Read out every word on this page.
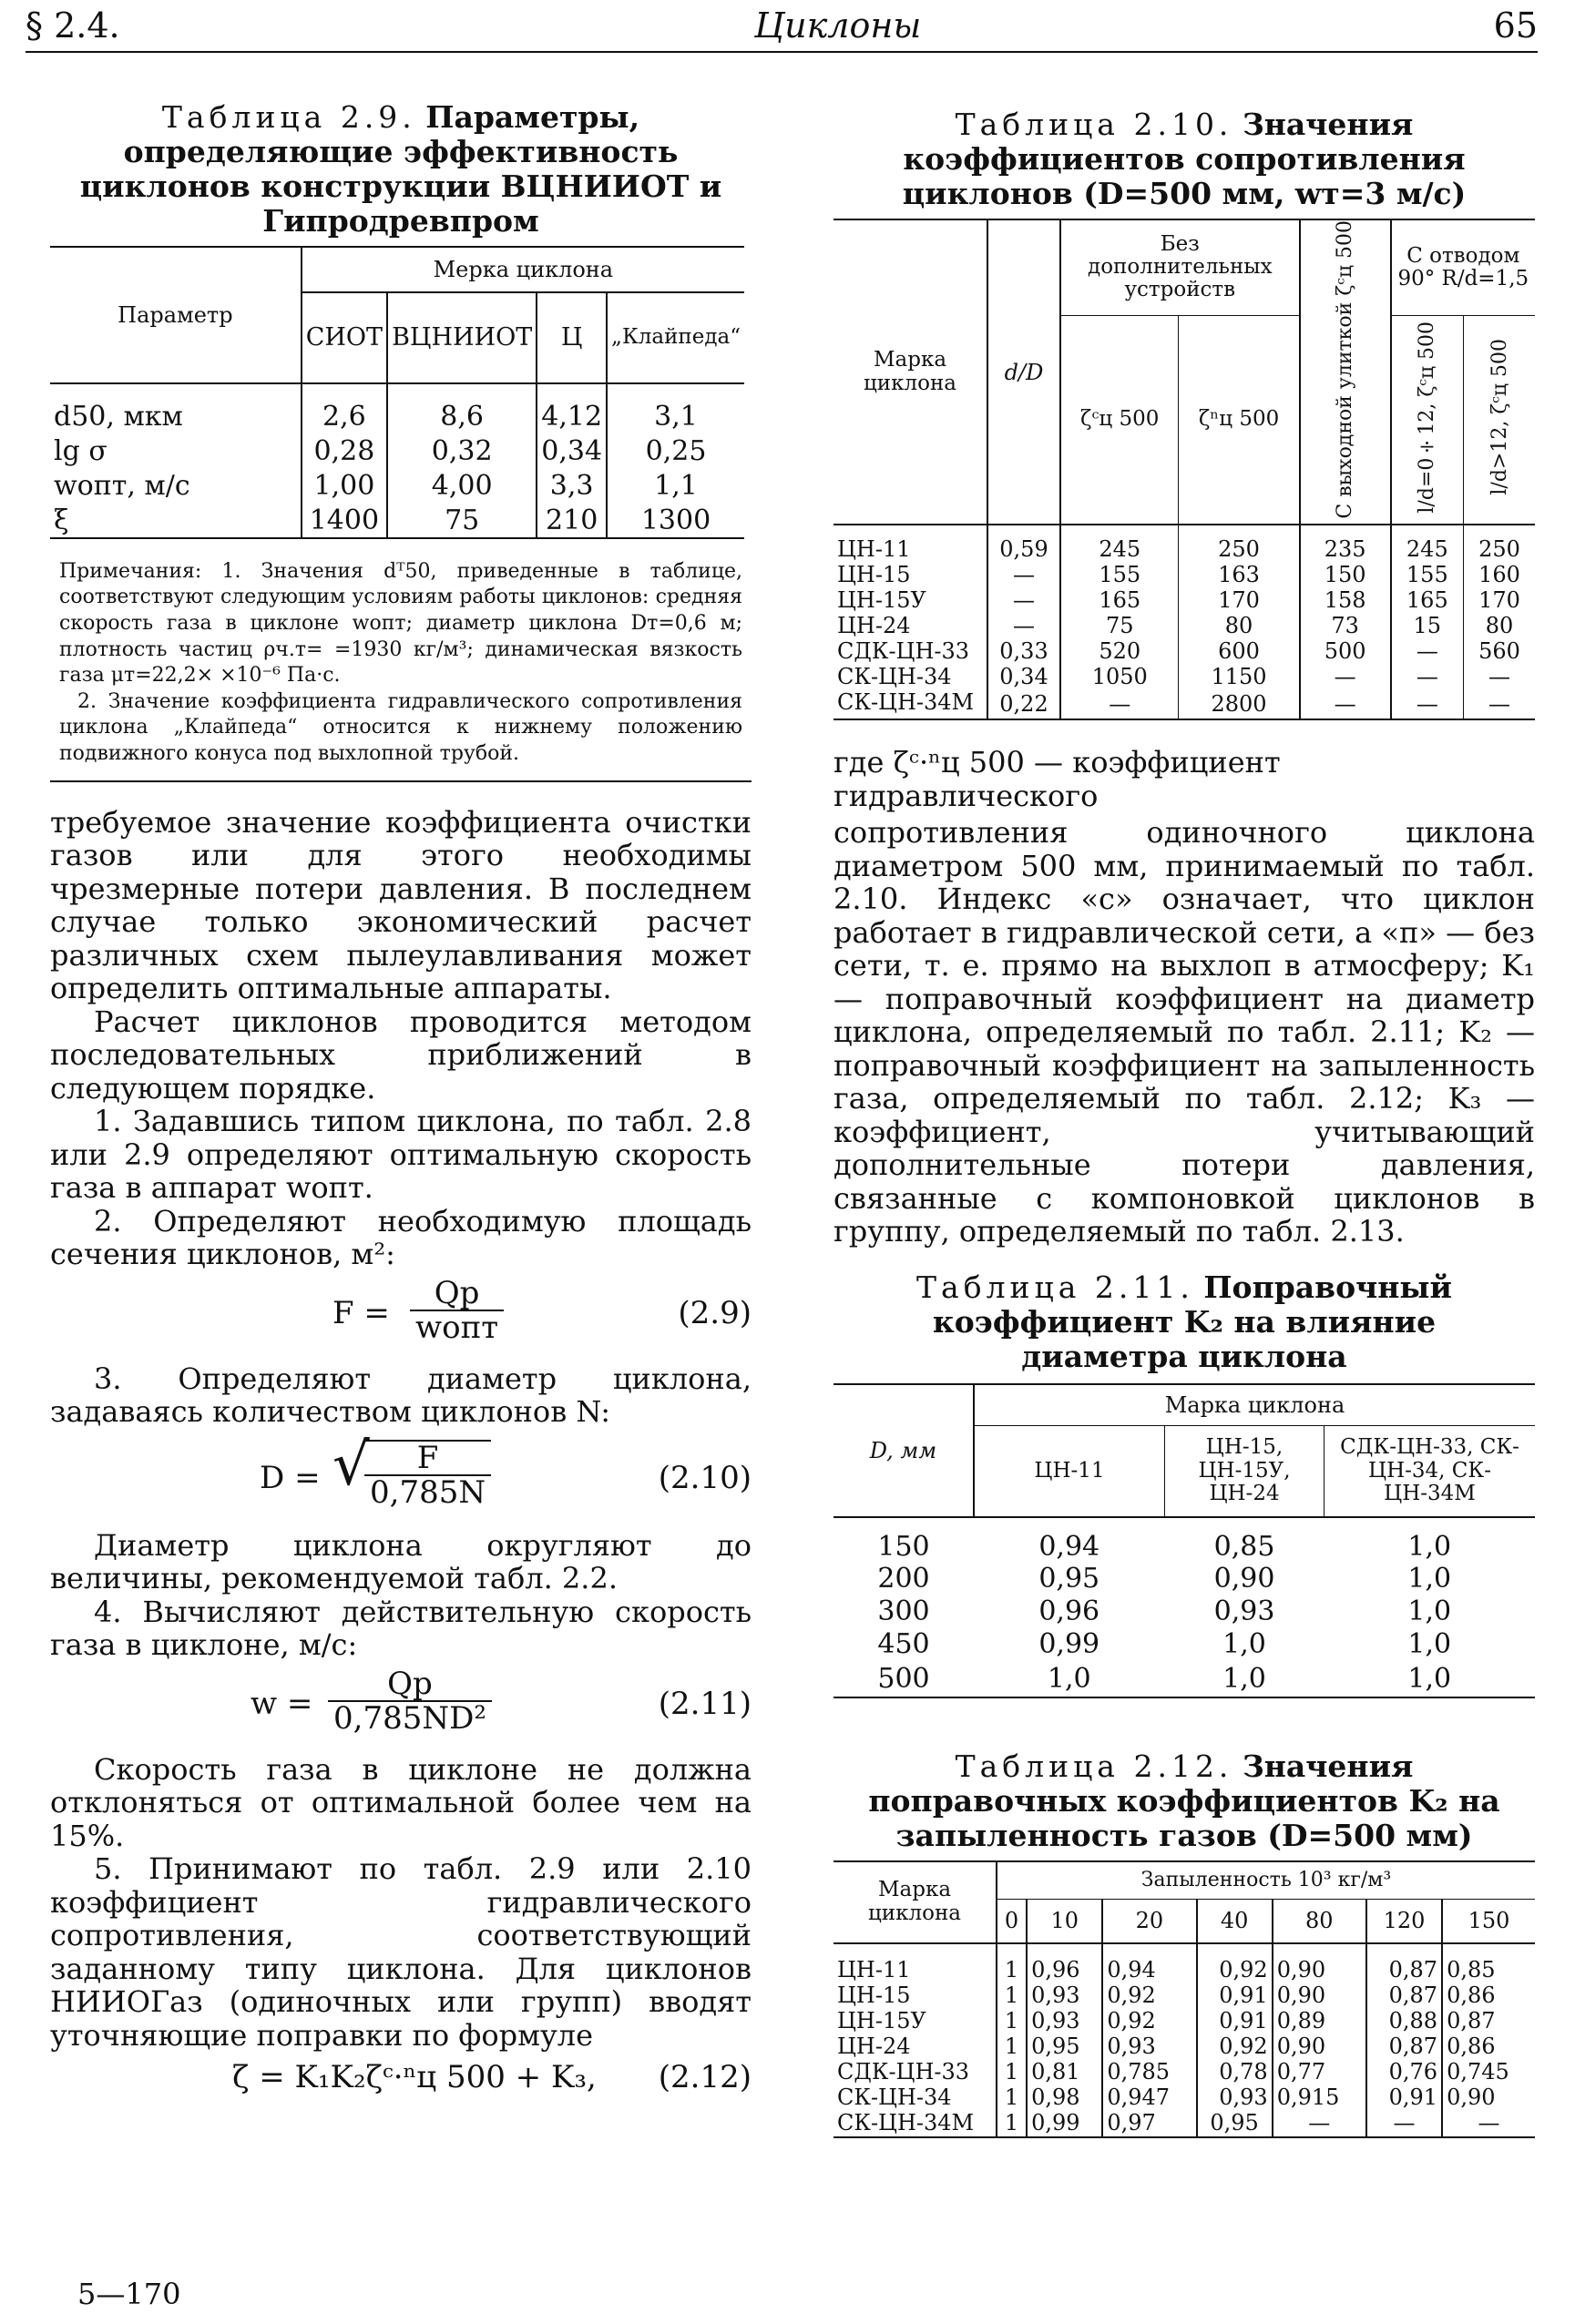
§ 2.4.	Циклоны	65
Таблица 2.9. Параметры, определяющие эффективность циклонов конструкции ВЦНИИОТ и Гипродревпром
Параметр	Мерка циклона			
	СИОТ	ВЦНИИОТ	Ц	„Клайпеда“

d50, мкм	2,6	8,6	4,12	3,1
lg σ	0,28	0,32	0,34	0,25
wопт, м/с	1,00	4,00	3,3	1,1
ξ	1400	75	210	1300

Примечания: 1. Значения dᵀ50, приведенные в таблице, соответствуют следующим условиям работы циклонов: средняя скорость газа в циклоне wопт; диаметр циклона Dт=0,6 м; плотность частиц ρч.т= =1930 кг/м³; динамическая вязкость газа μт=22,2× ×10⁻⁶ Па·с.

2. Значение коэффициента гидравлического сопротивления циклона „Клайпеда“ относится к нижнему положению подвижного конуса под выхлопной трубой.

требуемое значение коэффициента очистки газов или для этого необходимы чрезмерные потери давления. В последнем случае только экономический расчет различных схем пылеулавливания может определить оптимальные аппараты.

Расчет циклонов проводится методом последовательных приближений в следующем порядке.

1. Задавшись типом циклона, по табл. 2.8 или 2.9 определяют оптимальную скорость газа в аппарат wопт.

2. Определяют необходимую площадь сечения циклонов, м²:

F =
Qр
wопт	(2.9)

3. Определяют диаметр циклона, задаваясь количеством циклонов N:

D = √
$\frac{F}{0,785N}$	(2.10)

Диаметр циклона округляют до величины, рекомендуемой табл. 2.2.

4. Вычисляют действительную скорость газа в циклоне, м/с:

w =
Qр
0,785ND²	(2.11)

Скорость газа в циклоне не должна отклоняться от оптимальной более чем на 15%.

5. Принимают по табл. 2.9 или 2.10 коэффициент гидравлического сопротивления, соответствующий заданному типу циклона. Для циклонов НИИОГаз (одиночных или групп) вводят уточняющие поправки по формуле

ζ = K₁K₂ζᶜ·ⁿц 500 + K₃, (2.12)
5—170
Таблица 2.10. Значения коэффициентов сопротивления циклонов (D=500 мм, wт=3 м/с)
Марка циклона	d/D	Без дополнительных устройств		С выходной улиткой ζᶜц 500	С отводом 90° R/d=1,5	
		ζᶜц 500	ζⁿц 500		l/d=0÷12, ζᶜц 500	l/d>12, ζᶜц 500
ЦН-11	0,59	245	250	235	245	250
ЦН-15	—	155	163	150	155	160
ЦН-15У	—	165	170	158	165	170
ЦН-24	—	75	80	73	15	80
СДК-ЦН-33	0,33	520	600	500	—	560
СК-ЦН-34	0,34	1050	1150	—	—	—
СК-ЦН-34М	0,22	—	2800	—	—	—

где ζᶜ·ⁿц 500 — коэффициент гидравлического

сопротивления одиночного циклона диаметром 500 мм, принимаемый по табл. 2.10. Индекс «с» означает, что циклон работает в гидравлической сети, а «п» — без сети, т. е. прямо на выхлоп в атмосферу; K₁ — поправочный коэффициент на диаметр циклона, определяемый по табл. 2.11; K₂ — поправочный коэффициент на запыленность газа, определяемый по табл. 2.12; K₃ — коэффициент, учитывающий дополнительные потери давления, связанные с компоновкой циклонов в группу, определяемый по табл. 2.13.

Таблица 2.11. Поправочный коэффициент K₂ на влияние диаметра циклона
D, мм	Марка циклона		
	ЦН-11	ЦН-15, ЦН-15У, ЦН-24	СДК-ЦН-33, СК-ЦН-34, СК-ЦН-34М
150	0,94	0,85	1,0
200	0,95	0,90	1,0
300	0,96	0,93	1,0
450	0,99	1,0	1,0
500	1,0	1,0	1,0
Таблица 2.12. Значения поправочных коэффициентов K₂ на запыленность газов (D=500 мм)
Марка циклона	Запыленность 10³ кг/м³						
	0	10	20	40	80	120	150
ЦН-11	1	0,96	0,94	0,92	0,90	0,87	0,85
ЦН-15	1	0,93	0,92	0,91	0,90	0,87	0,86
ЦН-15У	1	0,93	0,92	0,91	0,89	0,88	0,87
ЦН-24	1	0,95	0,93	0,92	0,90	0,87	0,86
СДК-ЦН-33	1	0,81	0,785	0,78	0,77	0,76	0,745
СК-ЦН-34	1	0,98	0,947	0,93	0,915	0,91	0,90
СК-ЦН-34М	1	0,99	0,97	0,95	—	—	—
